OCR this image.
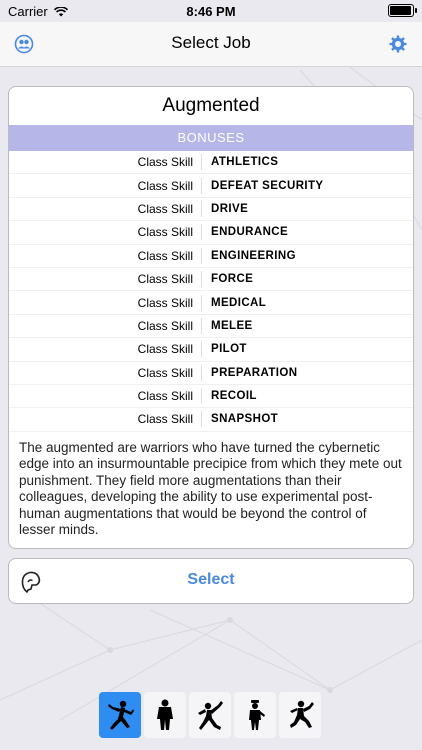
Carrier	8:46 PM
Select Job
Augmented
BONUSES
Class Skill	ATHLETICS
Class Skill	DEFEAT SECURITY
Class Skill	DRIVE
Class Skill	ENDURANCE
Class Skill	ENGINEERING
Class Skill	FORCE
Class Skill	MEDICAL
Class Skill	MELEE
Class Skill	PILOT
Class Skill	PREPARATION
Class Skill	RECOIL
Class Skill	SNAPSHOT
The augmented are warriors who have turned the cybernetic edge into an insurmountable precipice from which they mete out punishment. They field more augmentations than their colleagues, developing the ability to use experimental post-human augmentations that would be beyond the control of lesser minds.
Select
